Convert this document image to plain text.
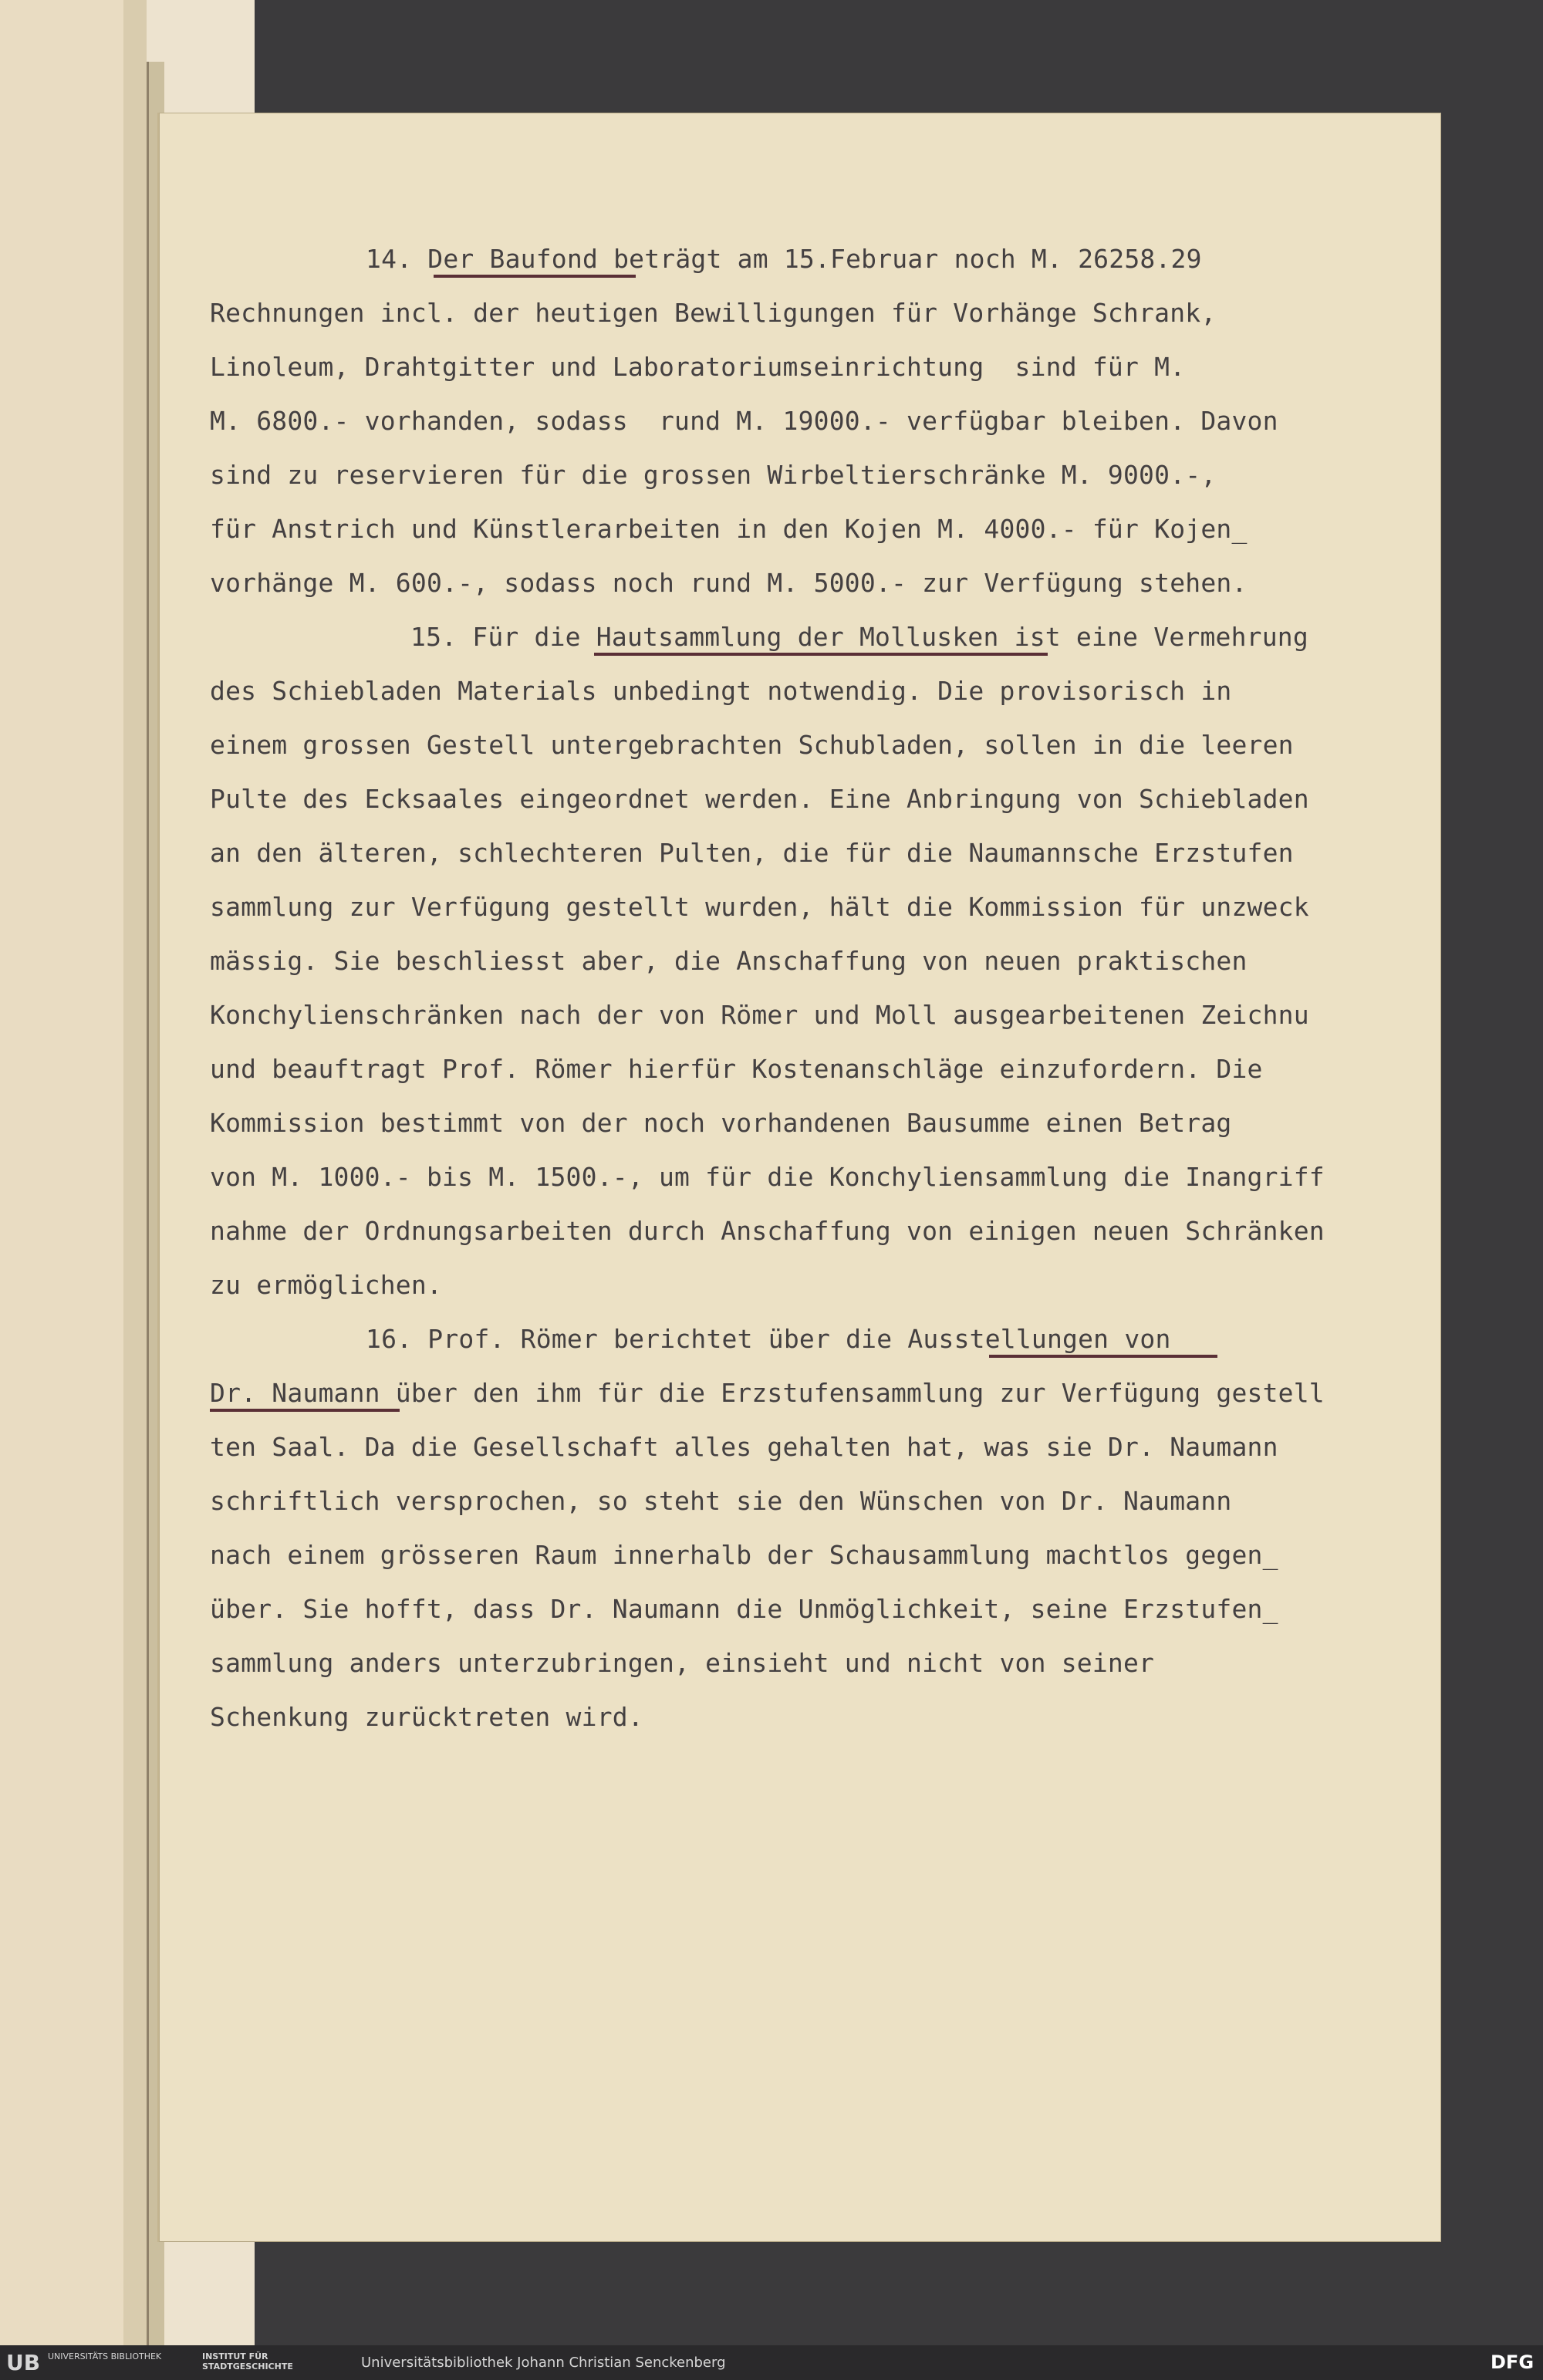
14. Der Baufond beträgt am 15.Februar noch M. 26258.29

Rechnungen incl. der heutigen Bewilligungen für Vorhänge Schrank,

Linoleum, Drahtgitter und Laboratoriumseinrichtung  sind für M.

M. 6800.- vorhanden, sodass  rund M. 19000.- verfügbar bleiben. Davon

sind zu reservieren für die grossen Wirbeltierschränke M. 9000.-,

für Anstrich und Künstlerarbeiten in den Kojen M. 4000.- für Kojen_

vorhänge M. 600.-, sodass noch rund M. 5000.- zur Verfügung stehen.

15. Für die Hautsammlung der Mollusken ist eine Vermehrung

des Schiebladen Materials unbedingt notwendig. Die provisorisch in

einem grossen Gestell untergebrachten Schubladen, sollen in die leeren

Pulte des Ecksaales eingeordnet werden. Eine Anbringung von Schiebladen

an den älteren, schlechteren Pulten, die für die Naumannsche Erzstufen

sammlung zur Verfügung gestellt wurden, hält die Kommission für unzweck

mässig. Sie beschliesst aber, die Anschaffung von neuen praktischen

Konchylienschränken nach der von Römer und Moll ausgearbeitenen Zeichnu

und beauftragt Prof. Römer hierfür Kostenanschläge einzufordern. Die

Kommission bestimmt von der noch vorhandenen Bausumme einen Betrag

von M. 1000.- bis M. 1500.-, um für die Konchyliensammlung die Inangriff

nahme der Ordnungsarbeiten durch Anschaffung von einigen neuen Schränken

zu ermöglichen.

16. Prof. Römer berichtet über die Ausstellungen von

Dr. Naumann über den ihm für die Erzstufensammlung zur Verfügung gestell

ten Saal. Da die Gesellschaft alles gehalten hat, was sie Dr. Naumann

schriftlich versprochen, so steht sie den Wünschen von Dr. Naumann

nach einem grösseren Raum innerhalb der Schausammlung machtlos gegen_

über. Sie hofft, dass Dr. Naumann die Unmöglichkeit, seine Erzstufen_

sammlung anders unterzubringen, einsieht und nicht von seiner

Schenkung zurücktreten wird.

UB UNIVERSITÄTS BIBLIOTHEK	INSTITUT FÜR STADTGESCHICHTE	Universitätsbibliothek Johann Christian Senckenberg	DFG
